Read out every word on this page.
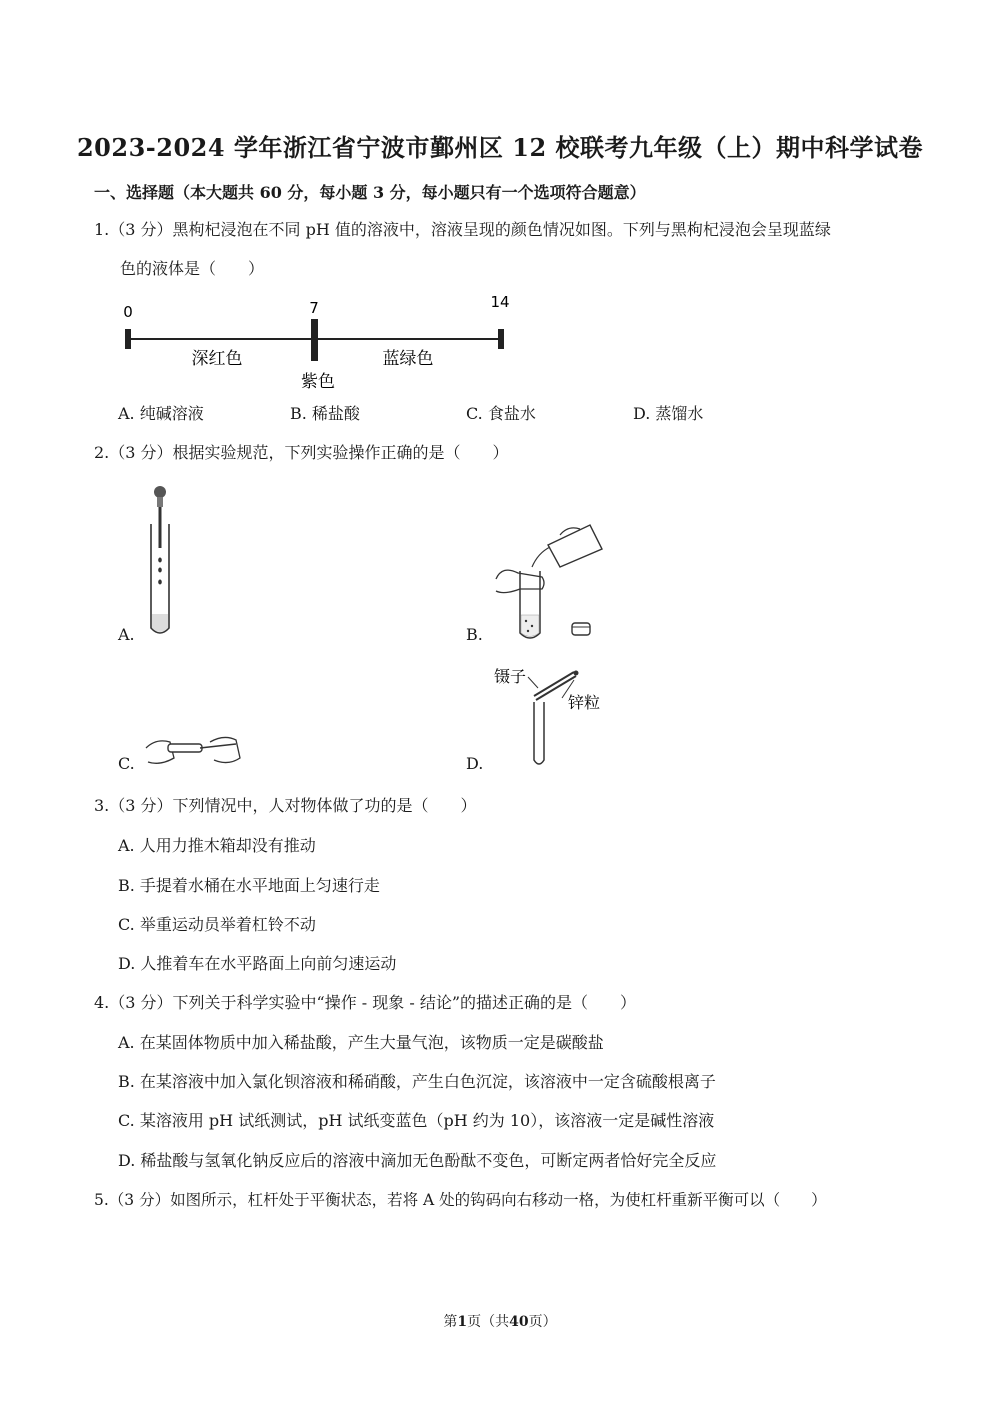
2023-2024 学年浙江省宁波市鄞州区 12 校联考九年级（上）期中科学试卷
一、选择题（本大题共 60 分，每小题 3 分，每小题只有一个选项符合题意）
1.（3 分）黑枸杞浸泡在不同 pH 值的溶液中，溶液呈现的颜色情况如图。下列与黑枸杞浸泡会呈现蓝绿
色的液体是（　　）
0	7	14
深红色
紫色
蓝绿色
A. 纯碱溶液	B. 稀盐酸	C. 食盐水	D. 蒸馏水
2.（3 分）根据实验规范，下列实验操作正确的是（　　）
A.	B.
C.	D.
镊子
锌粒
3.（3 分）下列情况中，人对物体做了功的是（　　）
A. 人用力推木箱却没有推动
B. 手提着水桶在水平地面上匀速行走
C. 举重运动员举着杠铃不动
D. 人推着车在水平路面上向前匀速运动
4.（3 分）下列关于科学实验中“操作 - 现象 - 结论”的描述正确的是（　　）
A. 在某固体物质中加入稀盐酸，产生大量气泡，该物质一定是碳酸盐
B. 在某溶液中加入氯化钡溶液和稀硝酸，产生白色沉淀，该溶液中一定含硫酸根离子
C. 某溶液用 pH 试纸测试，pH 试纸变蓝色（pH 约为 10），该溶液一定是碱性溶液
D. 稀盐酸与氢氧化钠反应后的溶液中滴加无色酚酞不变色，可断定两者恰好完全反应
5.（3 分）如图所示，杠杆处于平衡状态，若将 A 处的钩码向右移动一格，为使杠杆重新平衡可以（　　）
第1页（共40页）
